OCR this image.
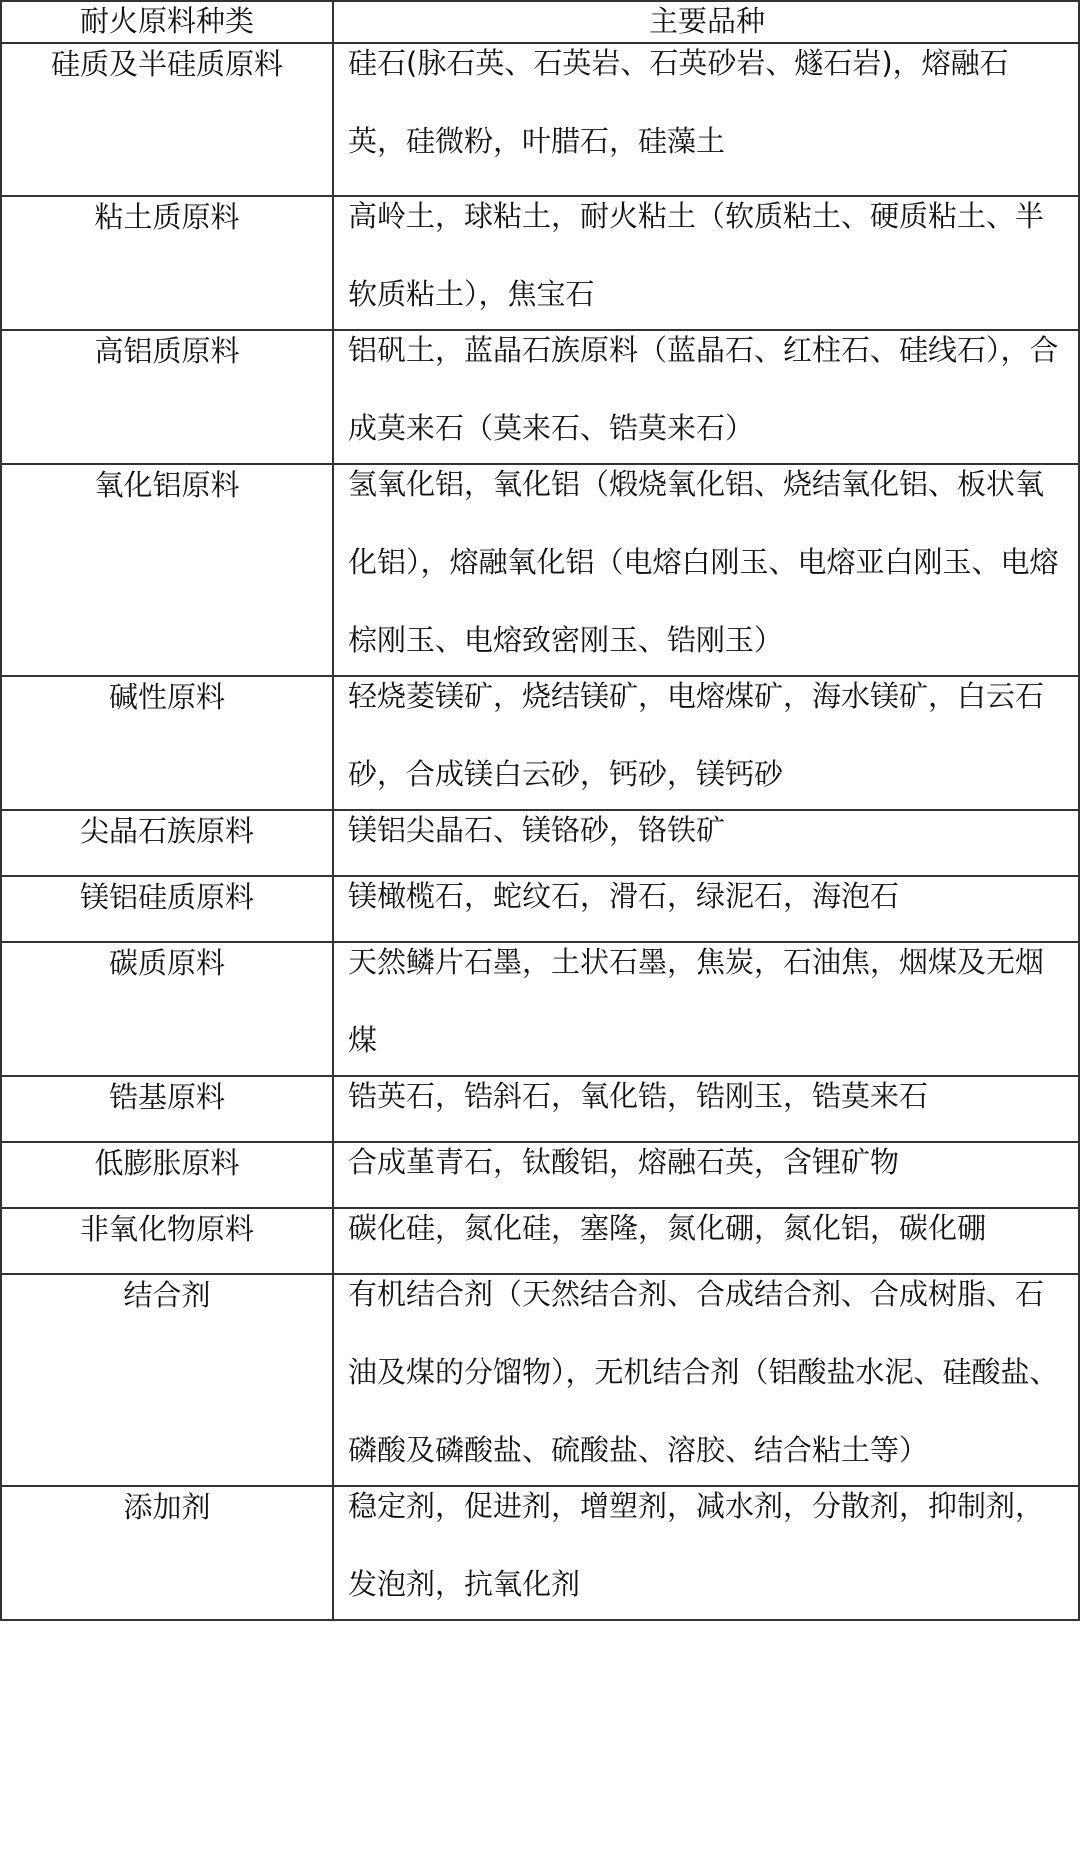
耐火原料种类	主要品种

硅质及半硅质原料	硅石(脉石英、石英岩、石英砂岩、燧石岩)，熔融石英，硅微粉，叶腊石，硅藻土

粘土质原料	高岭土，球粘土，耐火粘土（软质粘土、硬质粘土、半软质粘土），焦宝石

高铝质原料	铝矾土，蓝晶石族原料（蓝晶石、红柱石、硅线石），合成莫来石（莫来石、锆莫来石）

氧化铝原料	氢氧化铝，氧化铝（煅烧氧化铝、烧结氧化铝、板状氧化铝），熔融氧化铝（电熔白刚玉、电熔亚白刚玉、电熔棕刚玉、电熔致密刚玉、锆刚玉）

碱性原料	轻烧菱镁矿，烧结镁矿，电熔煤矿，海水镁矿，白云石砂，合成镁白云砂，钙砂，镁钙砂

尖晶石族原料	镁铝尖晶石、镁铬砂，铬铁矿

镁铝硅质原料	镁橄榄石，蛇纹石，滑石，绿泥石，海泡石

碳质原料	天然鳞片石墨，土状石墨，焦炭，石油焦，烟煤及无烟煤

锆基原料	锆英石，锆斜石，氧化锆，锆刚玉，锆莫来石

低膨胀原料	合成堇青石，钛酸铝，熔融石英，含锂矿物

非氧化物原料	碳化硅，氮化硅，塞隆，氮化硼，氮化铝，碳化硼

结合剂	有机结合剂（天然结合剂、合成结合剂、合成树脂、石油及煤的分馏物），无机结合剂（铝酸盐水泥、硅酸盐、磷酸及磷酸盐、硫酸盐、溶胶、结合粘土等）

添加剂	稳定剂，促进剂，增塑剂，减水剂，分散剂，抑制剂，发泡剂，抗氧化剂
